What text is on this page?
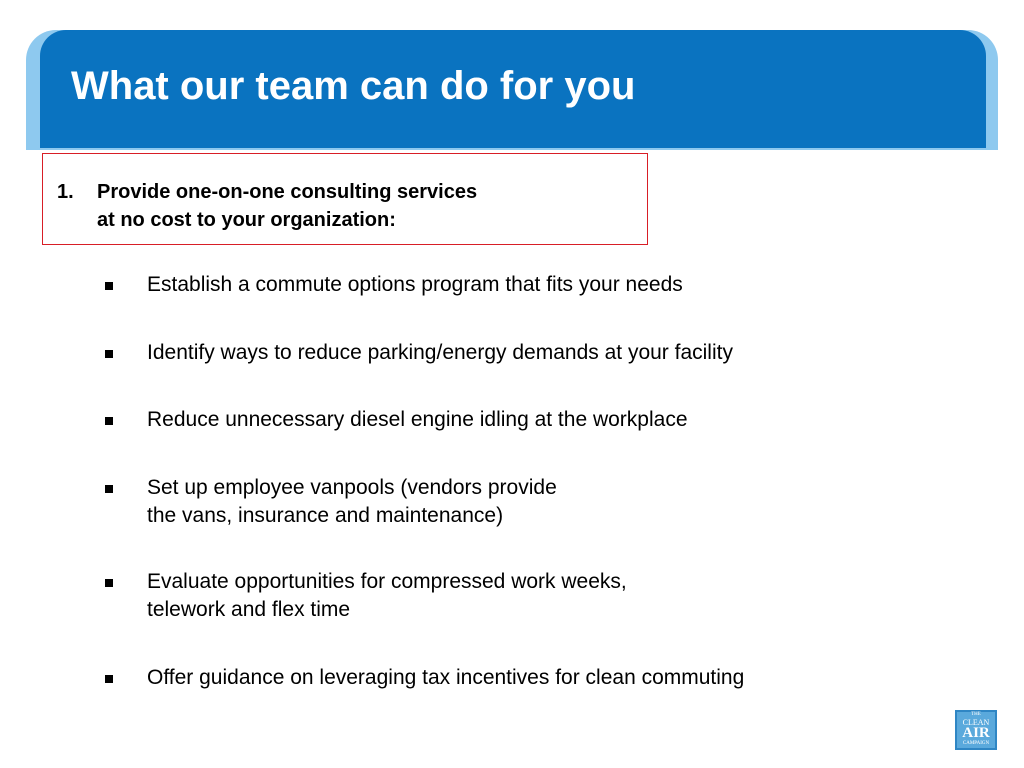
What our team can do for you
1. Provide one-on-one consulting services
at no cost to your organization:
Establish a commute options program that fits your needs
Identify ways to reduce parking/energy demands at your facility
Reduce unnecessary diesel engine idling at the workplace
Set up employee vanpools (vendors provide
the vans, insurance and maintenance)
Evaluate opportunities for compressed work weeks,
telework and flex time
Offer guidance on leveraging tax incentives for clean commuting
THE
CLEAN
AIR
CAMPAIGN
